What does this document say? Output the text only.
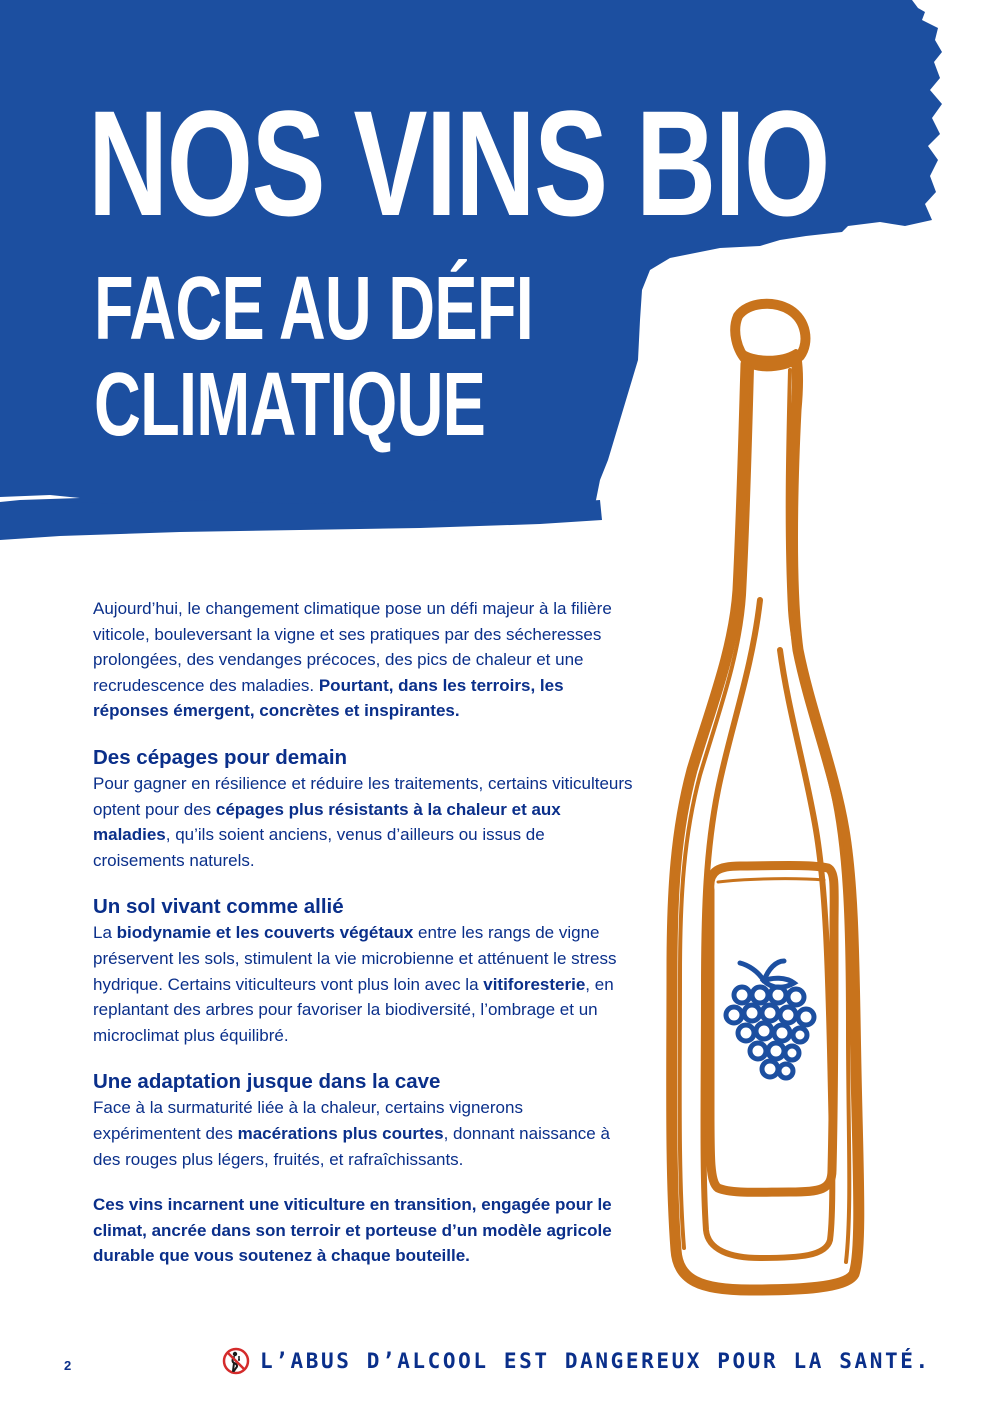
NOS VINS BIO
FACE AU DÉFI
CLIMATIQUE

Aujourd’hui, le changement climatique pose un défi majeur à la filière viticole, bouleversant la vigne et ses pratiques par des sécheresses prolongées, des vendanges précoces, des pics de chaleur et une recrudescence des maladies. Pourtant, dans les terroirs, les réponses émergent, concrètes et inspirantes.

Des cépages pour demain

Pour gagner en résilience et réduire les traitements, certains viticulteurs optent pour des cépages plus résistants à la chaleur et aux maladies, qu’ils soient anciens, venus d’ailleurs ou issus de croisements naturels.

Un sol vivant comme allié

La biodynamie et les couverts végétaux entre les rangs de vigne préservent les sols, stimulent la vie microbienne et atténuent le stress hydrique. Certains viticulteurs vont plus loin avec la vitiforesterie, en replantant des arbres pour favoriser la biodiversité, l’ombrage et un microclimat plus équilibré.

Une adaptation jusque dans la cave

Face à la surmaturité liée à la chaleur, certains vignerons expérimentent des macérations plus courtes, donnant naissance à des rouges plus légers, fruités, et rafraîchissants.

Ces vins incarnent une viticulture en transition, engagée pour le climat, ancrée dans son terroir et porteuse d’un modèle agricole durable que vous soutenez à chaque bouteille.

2	L’ABUS D’ALCOOL EST DANGEREUX POUR LA SANTÉ.
